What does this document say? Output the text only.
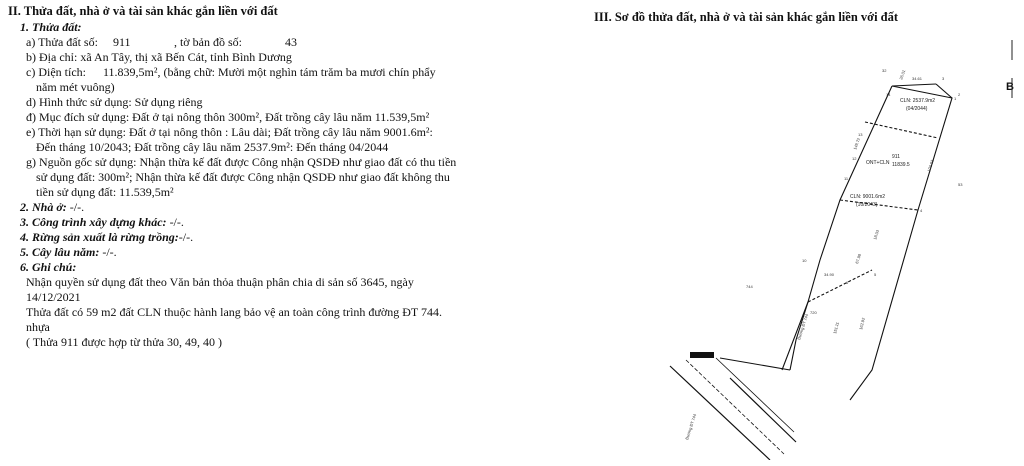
II. Thửa đất, nhà ở và tài sản khác gắn liền với đất
1. Thửa đất:
a) Thửa đất số: 911	, tờ bản đồ số:	43
b) Địa chỉ: xã An Tây, thị xã Bến Cát, tỉnh Bình Dương
c) Diện tích: 11.839,5m², (bằng chữ: Mười một nghìn tám trăm ba mươi chín phẩy
năm mét vuông)
d) Hình thức sử dụng: Sử dụng riêng
đ) Mục đích sử dụng: Đất ở tại nông thôn 300m², Đất trồng cây lâu năm 11.539,5m²
e) Thời hạn sử dụng: Đất ở tại nông thôn : Lâu dài; Đất trồng cây lâu năm 9001.6m²:
Đến tháng 10/2043; Đất trồng cây lâu năm 2537.9m²: Đến tháng 04/2044
g) Nguồn gốc sử dụng: Nhận thừa kế đất được Công nhận QSDĐ như giao đất có thu tiền
sử dụng đất: 300m²; Nhận thừa kế đất được Công nhận QSDĐ như giao đất không thu
tiền sử dụng đất: 11.539,5m²
2. Nhà ở: -/-.
3. Công trình xây dựng khác: -/-.
4. Rừng sản xuất là rừng trồng:-/-.
5. Cây lâu năm: -/-.
6. Ghi chú:
Nhận quyền sử dụng đất theo Văn bản thỏa thuận phân chia di sản số 3645, ngày
14/12/2021
Thửa đất có 59 m2 đất CLN thuộc hành lang bảo vệ an toàn công trình đường ĐT 744.
nhựa
( Thửa 911 được hợp từ thửa 30, 49, 40 )
III. Sơ đồ thửa đất, nhà ở và tài sản khác gắn liền với đất
B
CLN: 2537.9m2
(04/2044)
ONT+CLN
911
11839.5
CLN: 9001.6m2
(10/2043)
32
53
744
720
Đường ĐT 744
Đường ĐT 744
1
2
3
4
5
6
10
11
12
13
14
26.01 34.61
103.02
151.11
149.72
162.92
34.90
67.98
18.03
